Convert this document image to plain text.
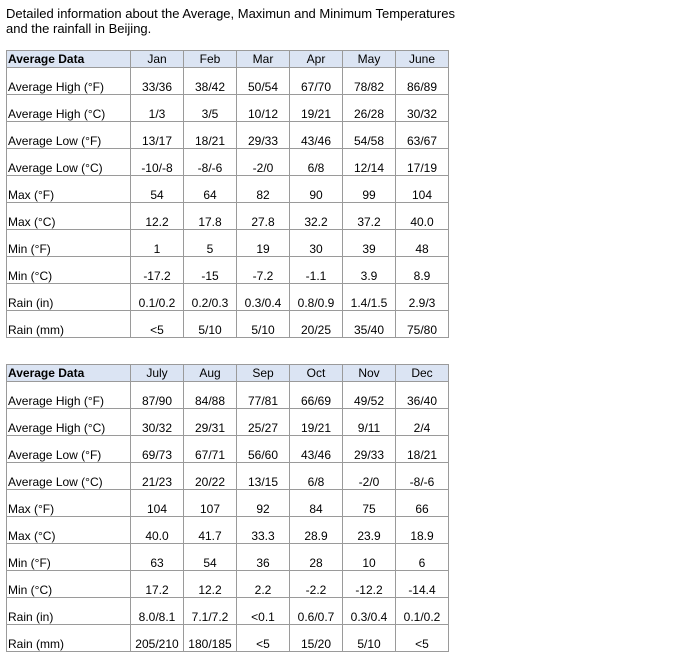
Detailed information about the Average, Maximun and Minimum Temperatures and the rainfall in Beijing.
Average Data	Jan	Feb	Mar	Apr	May	June
Average High (°F)	33/36	38/42	50/54	67/70	78/82	86/89
Average High (°C)	1/3	3/5	10/12	19/21	26/28	30/32
Average Low (°F)	13/17	18/21	29/33	43/46	54/58	63/67
Average Low (°C)	-10/-8	-8/-6	-2/0	6/8	12/14	17/19
Max (°F)	54	64	82	90	99	104
Max (°C)	12.2	17.8	27.8	32.2	37.2	40.0
Min (°F)	1	5	19	30	39	48
Min (°C)	-17.2	-15	-7.2	-1.1	3.9	8.9
Rain (in)	0.1/0.2	0.2/0.3	0.3/0.4	0.8/0.9	1.4/1.5	2.9/3
Rain (mm)	<5	5/10	5/10	20/25	35/40	75/80
Average Data	July	Aug	Sep	Oct	Nov	Dec
Average High (°F)	87/90	84/88	77/81	66/69	49/52	36/40
Average High (°C)	30/32	29/31	25/27	19/21	9/11	2/4
Average Low (°F)	69/73	67/71	56/60	43/46	29/33	18/21
Average Low (°C)	21/23	20/22	13/15	6/8	-2/0	-8/-6
Max (°F)	104	107	92	84	75	66
Max (°C)	40.0	41.7	33.3	28.9	23.9	18.9
Min (°F)	63	54	36	28	10	6
Min (°C)	17.2	12.2	2.2	-2.2	-12.2	-14.4
Rain (in)	8.0/8.1	7.1/7.2	<0.1	0.6/0.7	0.3/0.4	0.1/0.2
Rain (mm)	205/210	180/185	<5	15/20	5/10	<5
